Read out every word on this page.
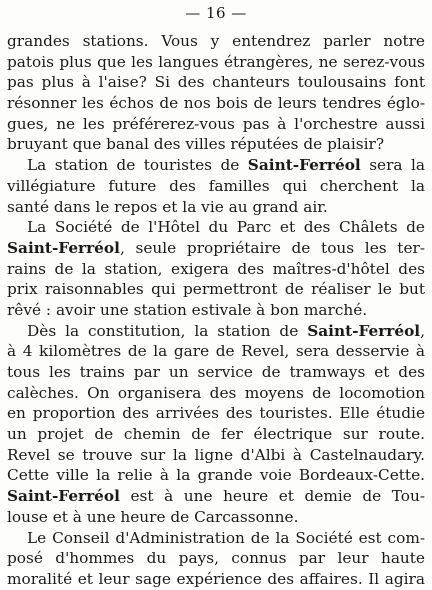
— 16 —
grandes stations. Vous y entendrez parler notre
patois plus que les langues étrangères, ne serez-vous
pas plus à l'aise? Si des chanteurs toulousains font
résonner les échos de nos bois de leurs tendres églo-
gues, ne les préférerez-vous pas à l'orchestre aussi
bruyant que banal des villes réputées de plaisir?
La station de touristes de Saint-Ferréol sera la
villégiature future des familles qui cherchent la
santé dans le repos et la vie au grand air.
La Société de l'Hôtel du Parc et des Châlets de
Saint-Ferréol, seule propriétaire de tous les ter-
rains de la station, exigera des maîtres-d'hôtel des
prix raisonnables qui permettront de réaliser le but
rêvé : avoir une station estivale à bon marché.
Dès la constitution, la station de Saint-Ferréol,
à 4 kilomètres de la gare de Revel, sera desservie à
tous les trains par un service de tramways et des
calèches. On organisera des moyens de locomotion
en proportion des arrivées des touristes. Elle étudie
un projet de chemin de fer électrique sur route.
Revel se trouve sur la ligne d'Albi à Castelnaudary.
Cette ville la relie à la grande voie Bordeaux-Cette.
Saint-Ferréol est à une heure et demie de Tou-
louse et à une heure de Carcassonne.
Le Conseil d'Administration de la Société est com-
posé d'hommes du pays, connus par leur haute
moralité et leur sage expérience des affaires. Il agira
